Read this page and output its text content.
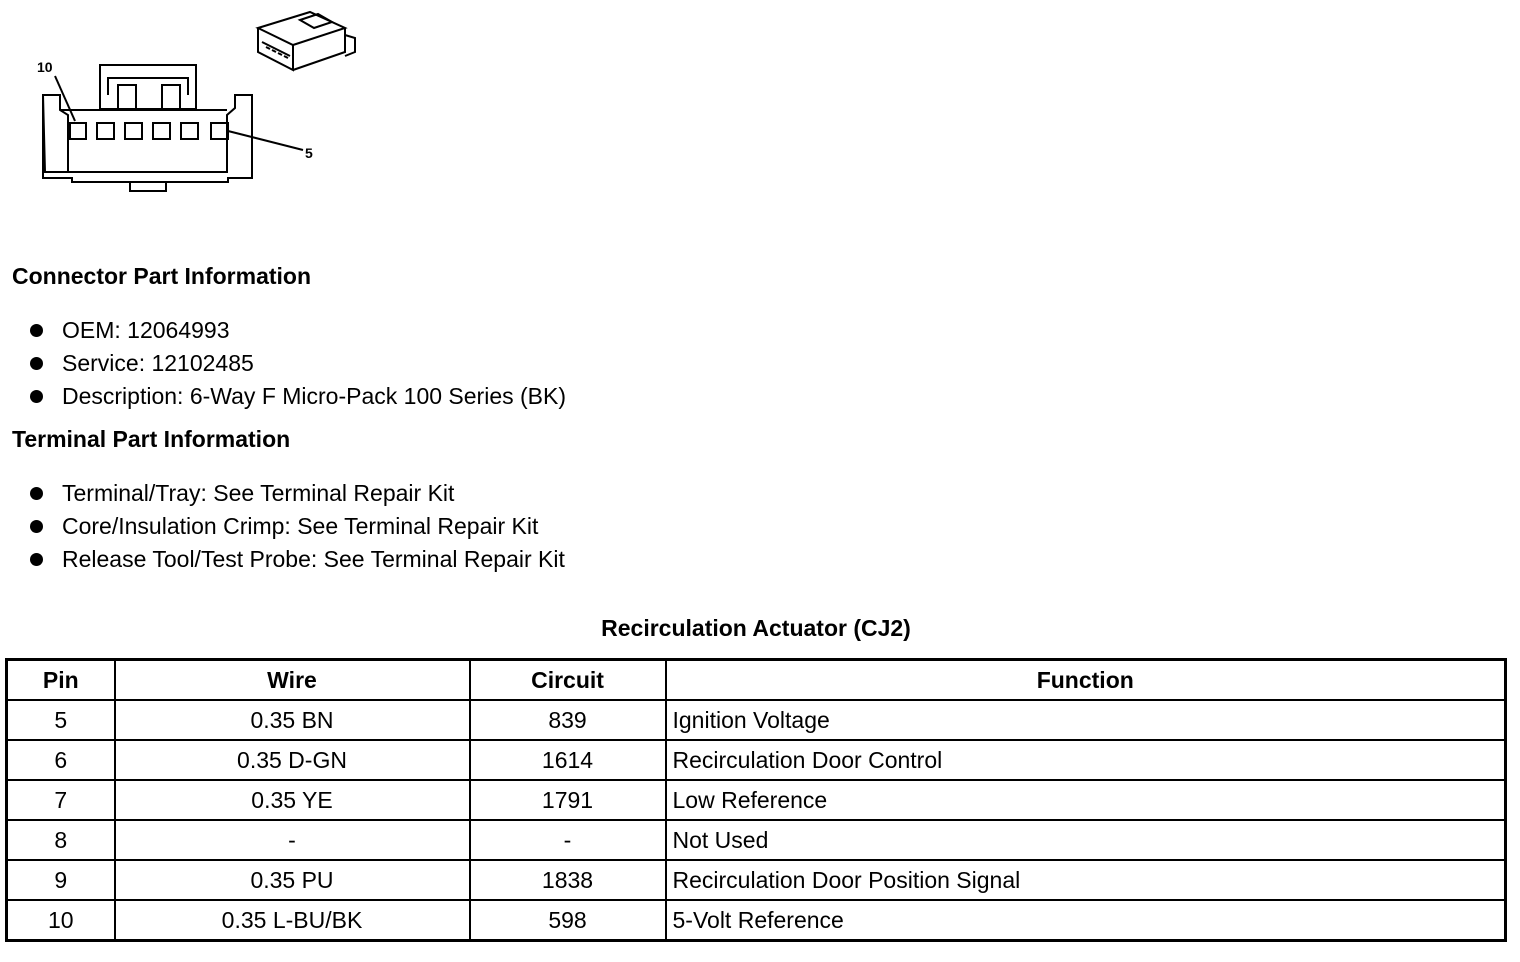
10
5
Connector Part Information
OEM: 12064993
Service: 12102485
Description: 6-Way F Micro-Pack 100 Series (BK)
Terminal Part Information
Terminal/Tray: See Terminal Repair Kit
Core/Insulation Crimp: See Terminal Repair Kit
Release Tool/Test Probe: See Terminal Repair Kit
Recirculation Actuator (CJ2)
Pin	Wire	Circuit	Function
5	0.35 BN	839	Ignition Voltage
6	0.35 D-GN	1614	Recirculation Door Control
7	0.35 YE	1791	Low Reference
8	-	-	Not Used
9	0.35 PU	1838	Recirculation Door Position Signal
10	0.35 L-BU/BK	598	5-Volt Reference
